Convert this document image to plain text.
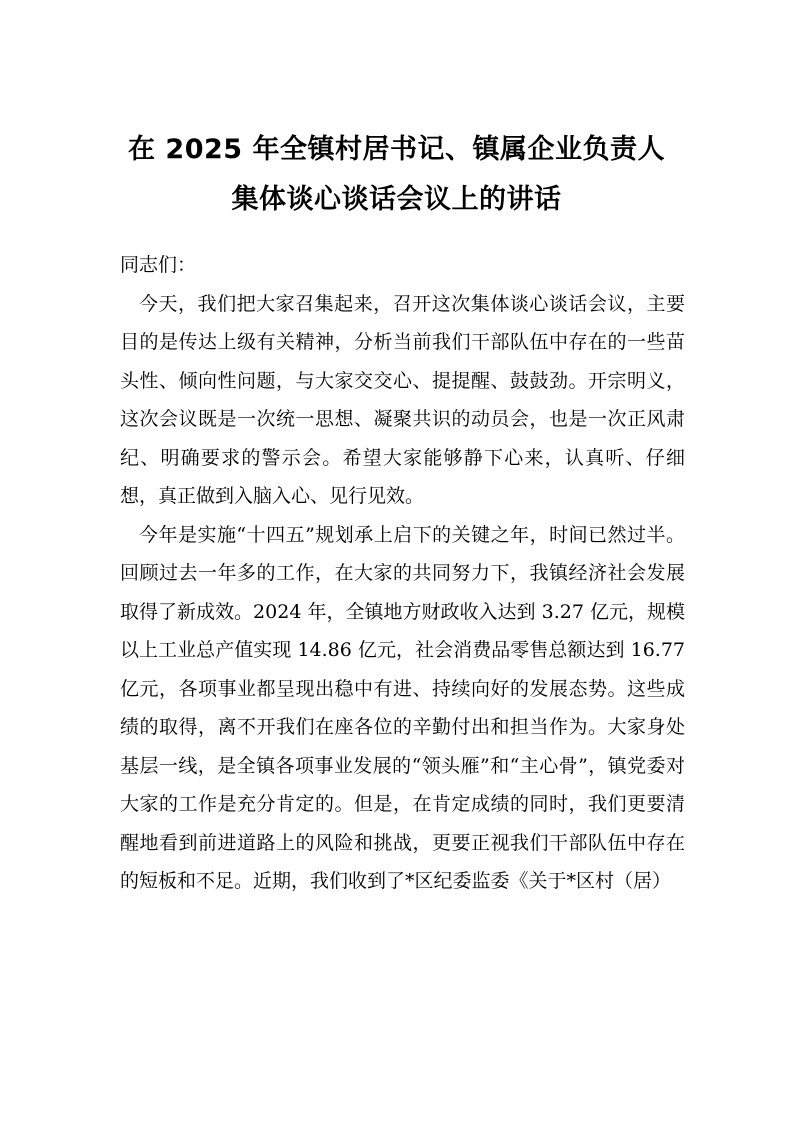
在 2025 年全镇村居书记、镇属企业负责人
集体谈心谈话会议上的讲话

同志们：

今天，我们把大家召集起来，召开这次集体谈心谈话会议，主要目的是传达上级有关精神，分析当前我们干部队伍中存在的一些苗头性、倾向性问题，与大家交交心、提提醒、鼓鼓劲。开宗明义，这次会议既是一次统一思想、凝聚共识的动员会，也是一次正风肃纪、明确要求的警示会。希望大家能够静下心来，认真听、仔细想，真正做到入脑入心、见行见效。

今年是实施“十四五”规划承上启下的关键之年，时间已然过半。回顾过去一年多的工作，在大家的共同努力下，我镇经济社会发展取得了新成效。2024 年，全镇地方财政收入达到 3.27 亿元，规模以上工业总产值实现 14.86 亿元，社会消费品零售总额达到 16.77 亿元，各项事业都呈现出稳中有进、持续向好的发展态势。这些成绩的取得，离不开我们在座各位的辛勤付出和担当作为。大家身处基层一线，是全镇各项事业发展的“领头雁”和“主心骨”，镇党委对大家的工作是充分肯定的。但是，在肯定成绩的同时，我们更要清醒地看到前进道路上的风险和挑战，更要正视我们干部队伍中存在的短板和不足。近期，我们收到了*区纪委监委《关于*区村（居）
